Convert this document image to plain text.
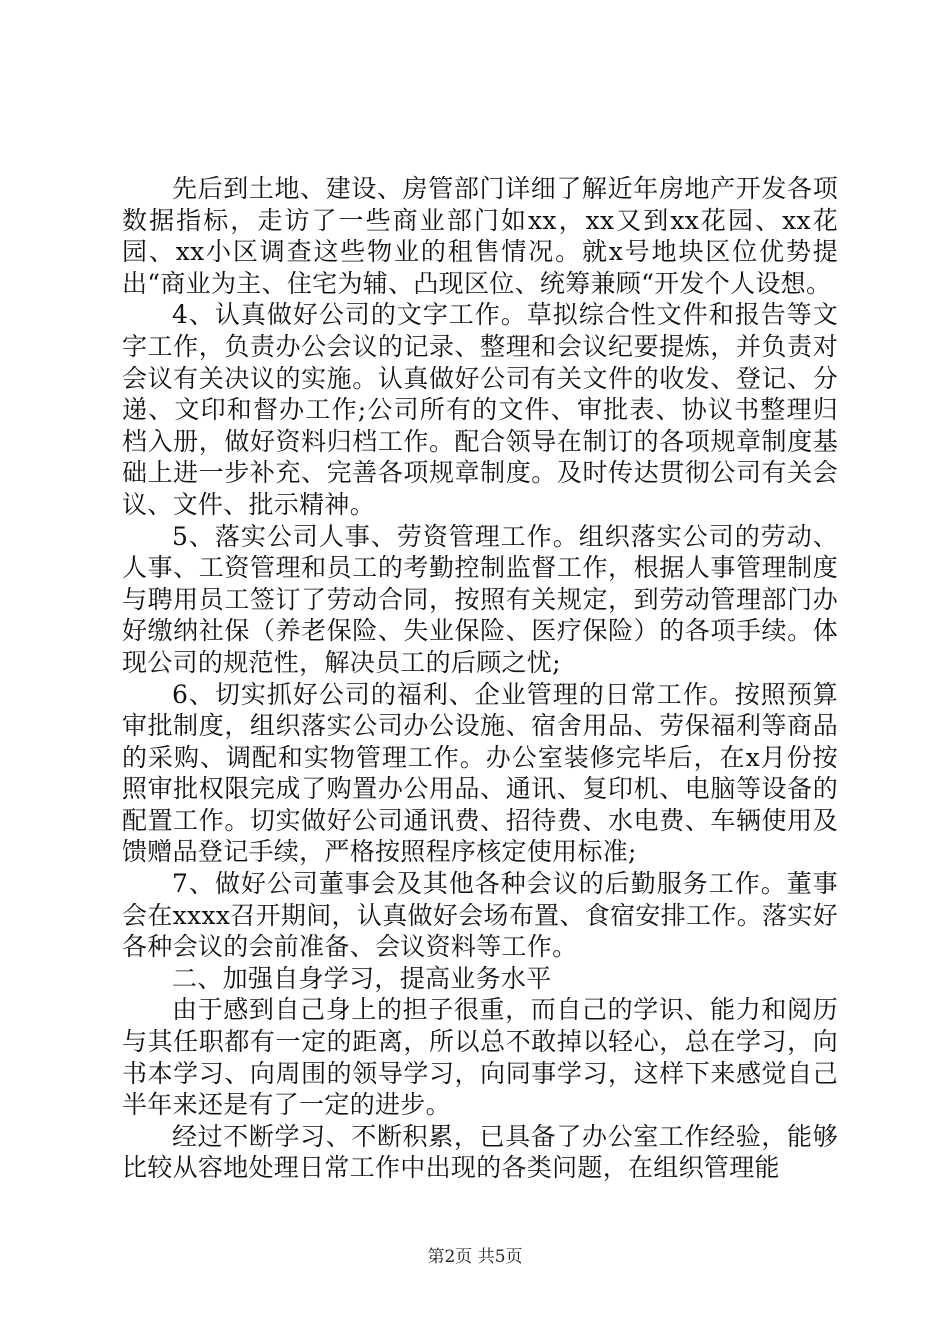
先后到土地、建设、房管部门详细了解近年房地产开发各项数据指标，走访了一些商业部门如xx，xx又到xx花园、xx花园、xx小区调查这些物业的租售情况。就x号地块区位优势提出“商业为主、住宅为辅、凸现区位、统筹兼顾“开发个人设想。

4、认真做好公司的文字工作。草拟综合性文件和报告等文字工作，负责办公会议的记录、整理和会议纪要提炼，并负责对会议有关决议的实施。认真做好公司有关文件的收发、登记、分递、文印和督办工作;公司所有的文件、审批表、协议书整理归档入册，做好资料归档工作。配合领导在制订的各项规章制度基础上进一步补充、完善各项规章制度。及时传达贯彻公司有关会议、文件、批示精神。

5、落实公司人事、劳资管理工作。组织落实公司的劳动、人事、工资管理和员工的考勤控制监督工作，根据人事管理制度与聘用员工签订了劳动合同，按照有关规定，到劳动管理部门办好缴纳社保（养老保险、失业保险、医疗保险）的各项手续。体现公司的规范性，解决员工的后顾之忧;

6、切实抓好公司的福利、企业管理的日常工作。按照预算审批制度，组织落实公司办公设施、宿舍用品、劳保福利等商品的采购、调配和实物管理工作。办公室装修完毕后，在x月份按照审批权限完成了购置办公用品、通讯、复印机、电脑等设备的配置工作。切实做好公司通讯费、招待费、水电费、车辆使用及馈赠品登记手续，严格按照程序核定使用标准;

7、做好公司董事会及其他各种会议的后勤服务工作。董事会在xxxx召开期间，认真做好会场布置、食宿安排工作。落实好各种会议的会前准备、会议资料等工作。

二、加强自身学习，提高业务水平

由于感到自己身上的担子很重，而自己的学识、能力和阅历与其任职都有一定的距离，所以总不敢掉以轻心，总在学习，向书本学习、向周围的领导学习，向同事学习，这样下来感觉自己半年来还是有了一定的进步。

经过不断学习、不断积累，已具备了办公室工作经验，能够比较从容地处理日常工作中出现的各类问题，在组织管理能

第2页 共5页
